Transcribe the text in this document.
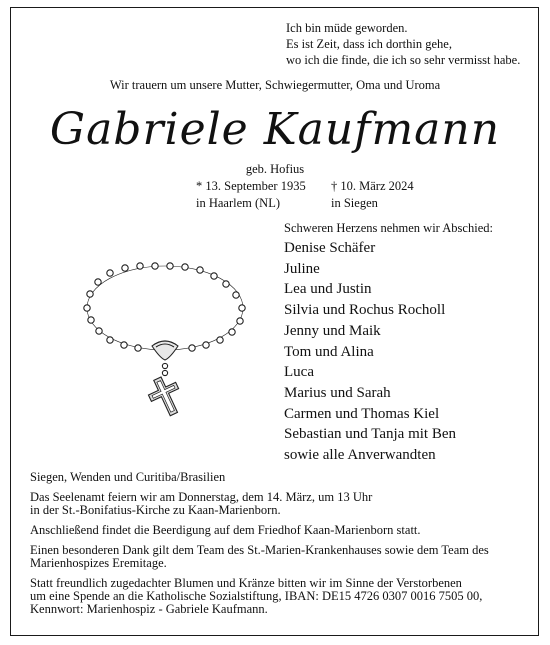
Ich bin müde geworden.
Es ist Zeit, dass ich dorthin gehe,
wo ich die finde, die ich so sehr vermisst habe.
Wir trauern um unsere Mutter, Schwiegermutter, Oma und Uroma
Gabriele Kaufmann
geb. Hofius
* 13. September 1935
in Haarlem (NL)
† 10. März 2024
in Siegen
Schweren Herzens nehmen wir Abschied:
Denise Schäfer
Juline
Lea und Justin
Silvia und Rochus Rocholl
Jenny und Maik
Tom und Alina
Luca
Marius und Sarah
Carmen und Thomas Kiel
Sebastian und Tanja mit Ben
sowie alle Anverwandten

Siegen, Wenden und Curitiba/Brasilien

Das Seelenamt feiern wir am Donnerstag, dem 14. März, um 13 Uhr
in der St.-Bonifatius-Kirche zu Kaan-Marienborn.

Anschließend findet die Beerdigung auf dem Friedhof Kaan-Marienborn statt.

Einen besonderen Dank gilt dem Team des St.-Marien-Krankenhauses sowie dem Team des
Marienhospizes Eremitage.

Statt freundlich zugedachter Blumen und Kränze bitten wir im Sinne der Verstorbenen
um eine Spende an die Katholische Sozialstiftung, IBAN: DE15 4726 0307 0016 7505 00,
Kennwort: Marienhospiz - Gabriele Kaufmann.
